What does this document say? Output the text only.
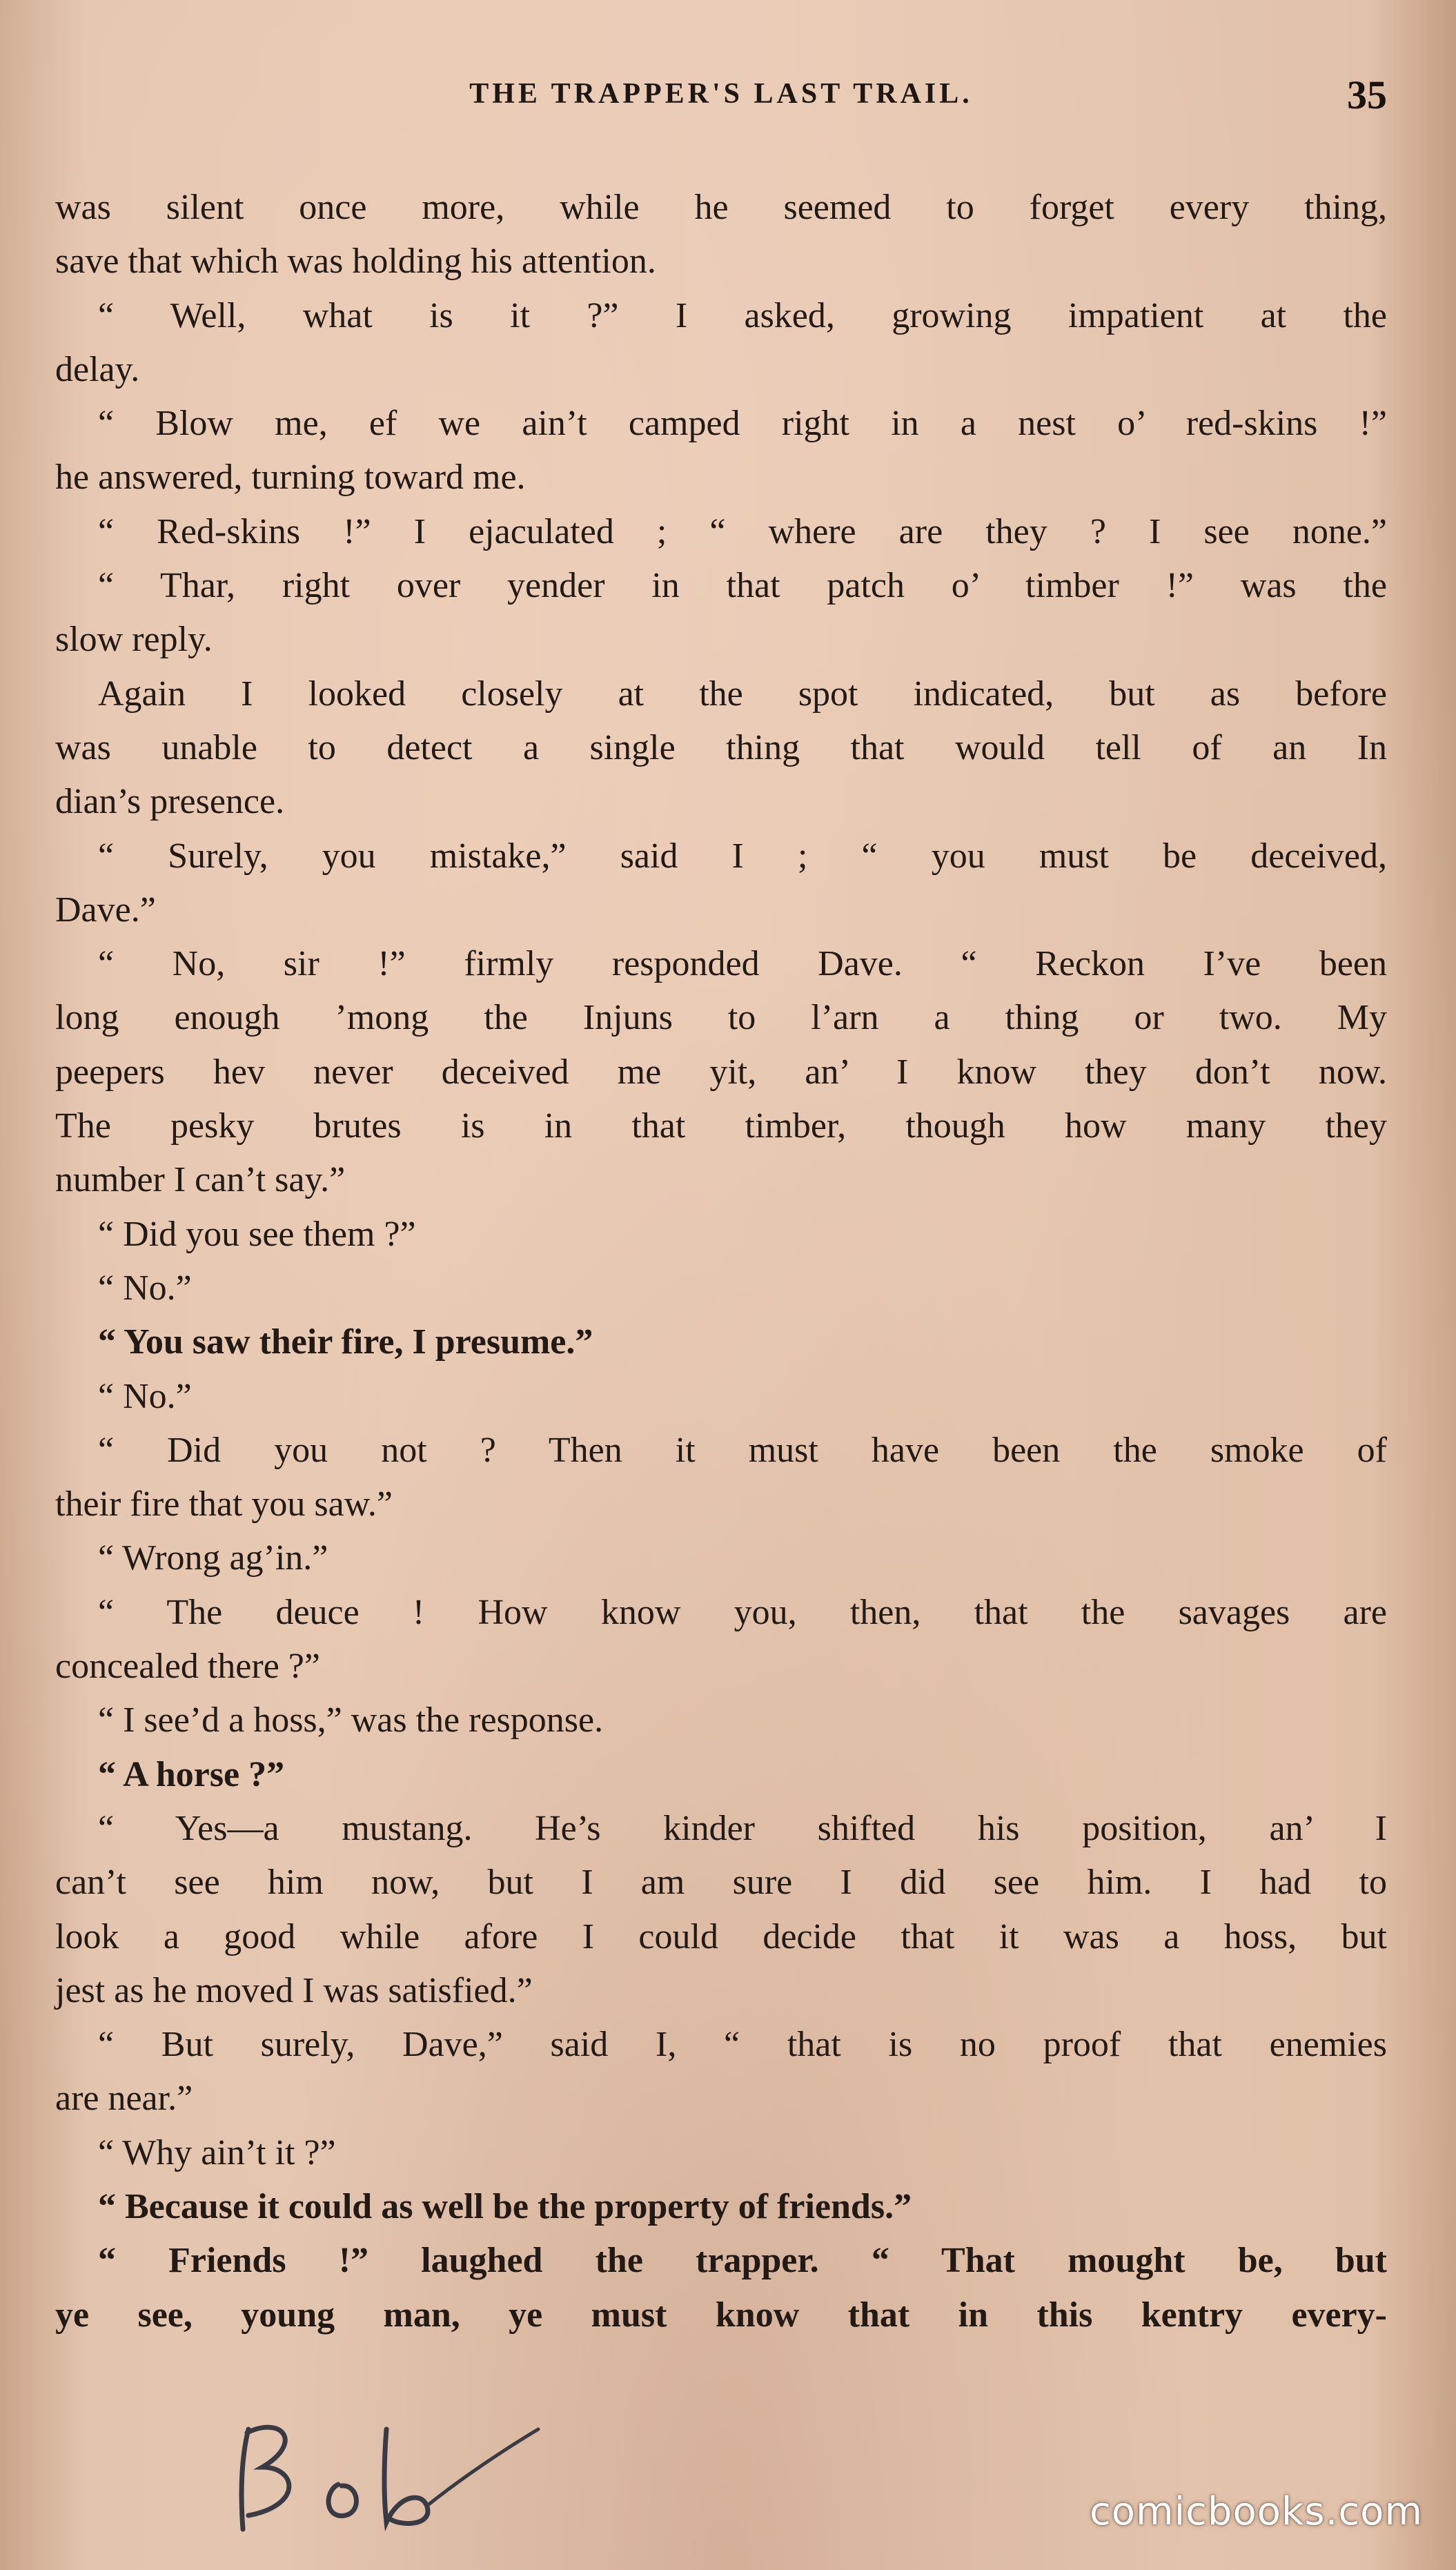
THE TRAPPER'S LAST TRAIL.	35
was silent once more, while he seemed to forget every thing,
save that which was holding his attention.
“ Well, what is it ?” I asked, growing impatient at the
delay.
“ Blow me, ef we ain’t camped right in a nest o’ red-skins !”
he answered, turning toward me.
“ Red-skins !” I ejaculated ; “ where are they ? I see none.”
“ Thar, right over yender in that patch o’ timber !” was the
slow reply.
Again I looked closely at the spot indicated, but as before
was unable to detect a single thing that would tell of an In
dian’s presence.
“ Surely, you mistake,” said I ; “ you must be deceived,
Dave.”
“ No, sir !” firmly responded Dave. “ Reckon I’ve been
long enough ’mong the Injuns to l’arn a thing or two. My
peepers hev never deceived me yit, an’ I know they don’t now.
The pesky brutes is in that timber, though how many they
number I can’t say.”
“ Did you see them ?”
“ No.”
“ You saw their fire, I presume.”
“ No.”
“ Did you not ? Then it must have been the smoke of
their fire that you saw.”
“ Wrong ag’in.”
“ The deuce ! How know you, then, that the savages are
concealed there ?”
“ I see’d a hoss,” was the response.
“ A horse ?”
“ Yes—a mustang. He’s kinder shifted his position, an’ I
can’t see him now, but I am sure I did see him. I had to
look a good while afore I could decide that it was a hoss, but
jest as he moved I was satisfied.”
“ But surely, Dave,” said I, “ that is no proof that enemies
are near.”
“ Why ain’t it ?”
“ Because it could as well be the property of friends.”
“ Friends !” laughed the trapper. “ That mought be, but
ye see, young man, ye must know that in this kentry every-
comicbooks.com
